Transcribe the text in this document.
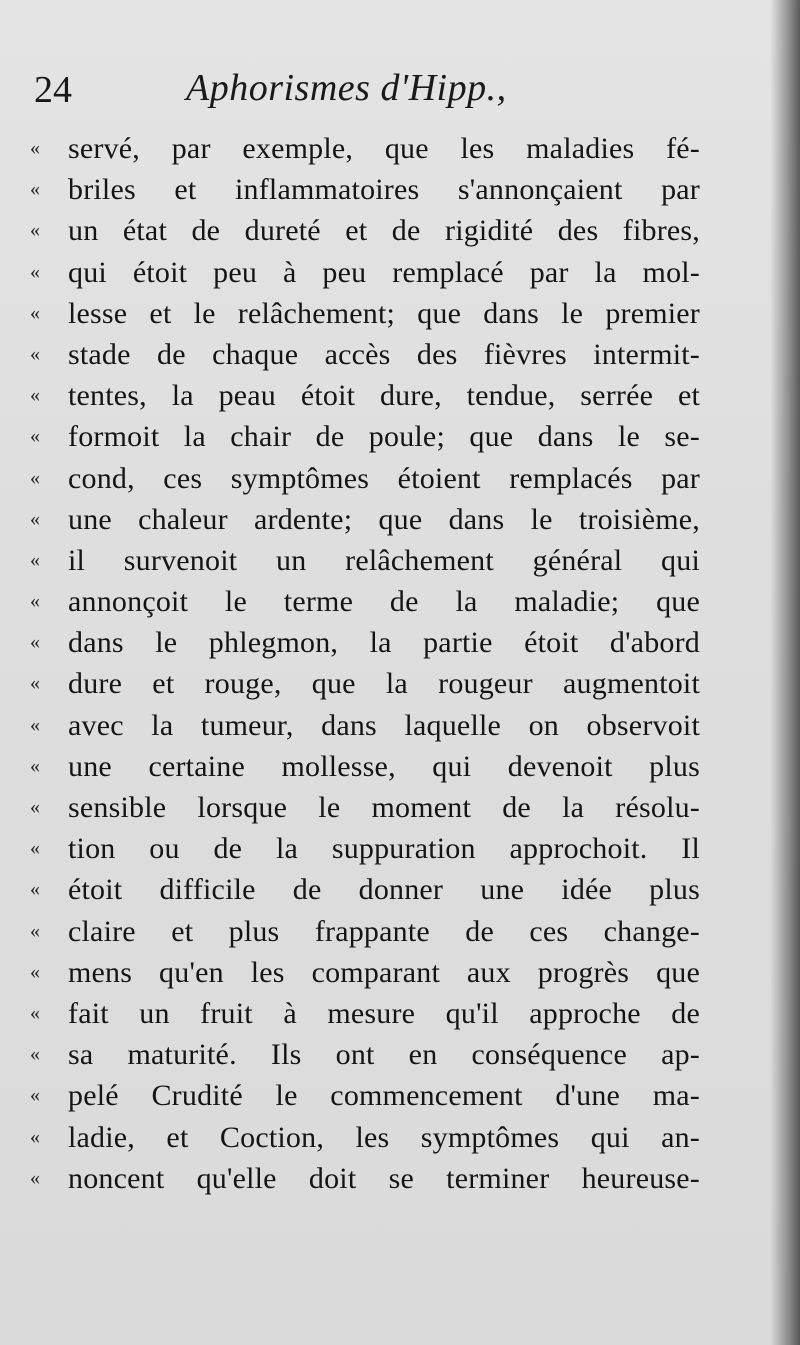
24	Aphorismes d'Hipp.,
« servé, par exemple, que les maladies fé-
« briles et inflammatoires s'annonçaient par
« un état de dureté et de rigidité des fibres,
« qui étoit peu à peu remplacé par la mol-
« lesse et le relâchement; que dans le premier
« stade de chaque accès des fièvres intermit-
« tentes, la peau étoit dure, tendue, serrée et
« formoit la chair de poule; que dans le se-
« cond, ces symptômes étoient remplacés par
« une chaleur ardente; que dans le troisième,
« il survenoit un relâchement général qui
« annonçoit le terme de la maladie; que
« dans le phlegmon, la partie étoit d'abord
« dure et rouge, que la rougeur augmentoit
« avec la tumeur, dans laquelle on observoit
« une certaine mollesse, qui devenoit plus
« sensible lorsque le moment de la résolu-
« tion ou de la suppuration approchoit. Il
« étoit difficile de donner une idée plus
« claire et plus frappante de ces change-
« mens qu'en les comparant aux progrès que
« fait un fruit à mesure qu'il approche de
« sa maturité. Ils ont en conséquence ap-
« pelé Crudité le commencement d'une ma-
« ladie, et Coction, les symptômes qui an-
« noncent qu'elle doit se terminer heureuse-
